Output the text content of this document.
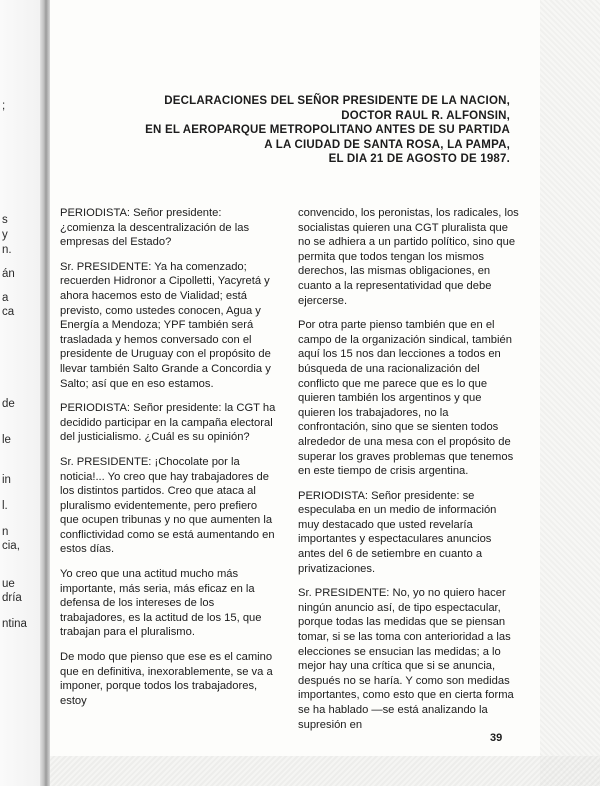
;
s
y
n.
án
a
ca
de
le
in
l.
n
cia,
ue
dría
ntina
DECLARACIONES DEL SEÑOR PRESIDENTE DE LA NACION,
DOCTOR RAUL R. ALFONSIN,
EN EL AEROPARQUE METROPOLITANO ANTES DE SU PARTIDA
A LA CIUDAD DE SANTA ROSA, LA PAMPA,
EL DIA 21 DE AGOSTO DE 1987.

PERIODISTA: Señor presidente: ¿comienza la descentralización de las empresas del Estado?

Sr. PRESIDENTE: Ya ha comenzado; recuerden Hidronor a Cipolletti, Yacyretá y ahora hacemos esto de Vialidad; está previsto, como ustedes conocen, Agua y Energía a Mendoza; YPF también será trasladada y hemos conversado con el presidente de Uruguay con el propósito de llevar también Salto Grande a Concordia y Salto; así que en eso estamos.

PERIODISTA: Señor presidente: la CGT ha decidido participar en la campaña electoral del justicialismo. ¿Cuál es su opinión?

Sr. PRESIDENTE: ¡Chocolate por la noticia!... Yo creo que hay trabajadores de los distintos partidos. Creo que ataca al pluralismo evidentemente, pero prefiero que ocupen tribunas y no que aumenten la conflictividad como se está aumentando en estos días.

Yo creo que una actitud mucho más importante, más seria, más eficaz en la defensa de los intereses de los trabajadores, es la actitud de los 15, que trabajan para el pluralismo.

De modo que pienso que ese es el camino que en definitiva, inexorablemente, se va a imponer, porque todos los trabajadores, estoy

convencido, los peronistas, los radicales, los socialistas quieren una CGT pluralista que no se adhiera a un partido político, sino que permita que todos tengan los mismos derechos, las mismas obligaciones, en cuanto a la representatividad que debe ejercerse.

Por otra parte pienso también que en el campo de la organización sindical, también aquí los 15 nos dan lecciones a todos en búsqueda de una racionalización del conflicto que me parece que es lo que quieren también los argentinos y que quieren los trabajadores, no la confrontación, sino que se sienten todos alrededor de una mesa con el propósito de superar los graves problemas que tenemos en este tiempo de crisis argentina.

PERIODISTA: Señor presidente: se especulaba en un medio de información muy destacado que usted revelaría importantes y espectaculares anuncios antes del 6 de setiembre en cuanto a privatizaciones.

Sr. PRESIDENTE: No, yo no quiero hacer ningún anuncio así, de tipo espectacular, porque todas las medidas que se piensan tomar, si se las toma con anterioridad a las elecciones se ensucian las medidas; a lo mejor hay una crítica que si se anuncia, después no se haría. Y como son medidas importantes, como esto que en cierta forma se ha hablado —se está analizando la supresión en

39
